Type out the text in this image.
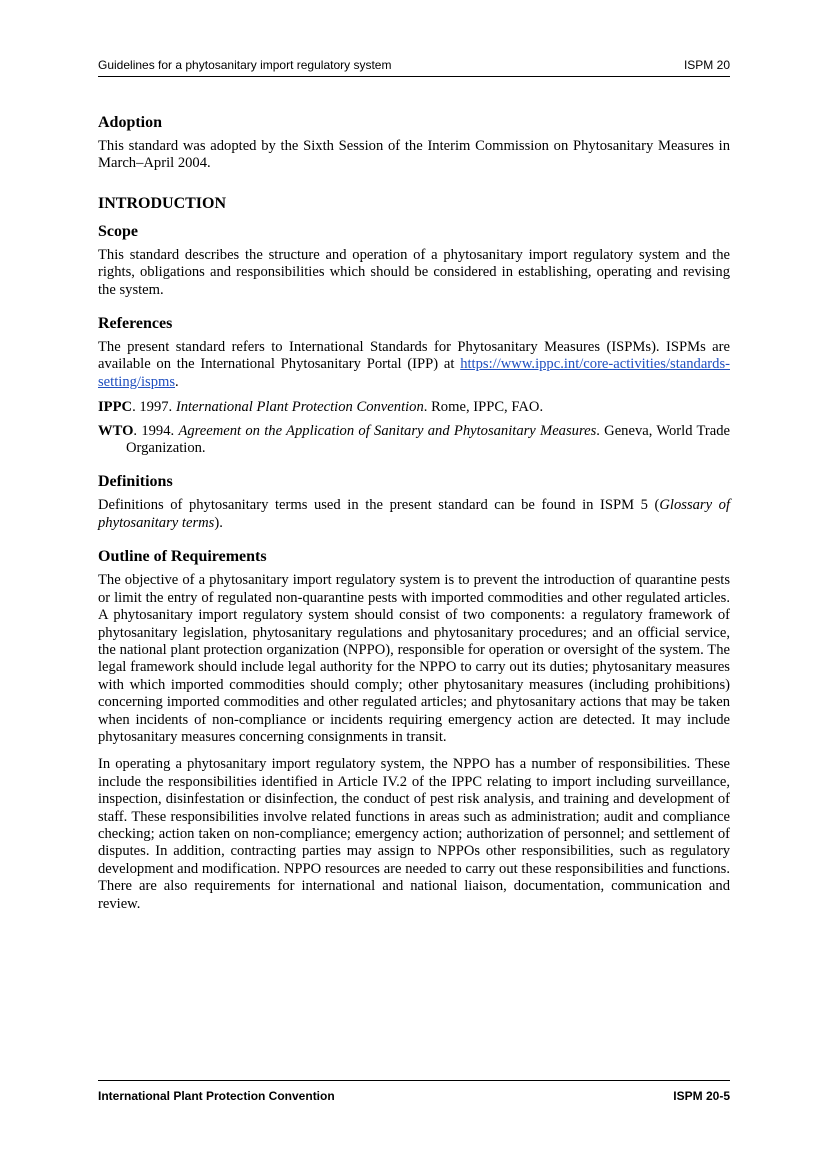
Guidelines for a phytosanitary import regulatory system	ISPM 20
Adoption

This standard was adopted by the Sixth Session of the Interim Commission on Phytosanitary Measures in March–April 2004.

INTRODUCTION
Scope

This standard describes the structure and operation of a phytosanitary import regulatory system and the rights, obligations and responsibilities which should be considered in establishing, operating and revising the system.

References

The present standard refers to International Standards for Phytosanitary Measures (ISPMs). ISPMs are available on the International Phytosanitary Portal (IPP) at https://www.ippc.int/core-activities/standards-setting/ispms.

IPPC. 1997. International Plant Protection Convention. Rome, IPPC, FAO.

WTO. 1994. Agreement on the Application of Sanitary and Phytosanitary Measures. Geneva, World Trade Organization.

Definitions

Definitions of phytosanitary terms used in the present standard can be found in ISPM 5 (Glossary of phytosanitary terms).

Outline of Requirements

The objective of a phytosanitary import regulatory system is to prevent the introduction of quarantine pests or limit the entry of regulated non-quarantine pests with imported commodities and other regulated articles. A phytosanitary import regulatory system should consist of two components: a regulatory framework of phytosanitary legislation, phytosanitary regulations and phytosanitary procedures; and an official service, the national plant protection organization (NPPO), responsible for operation or oversight of the system. The legal framework should include legal authority for the NPPO to carry out its duties; phytosanitary measures with which imported commodities should comply; other phytosanitary measures (including prohibitions) concerning imported commodities and other regulated articles; and phytosanitary actions that may be taken when incidents of non-compliance or incidents requiring emergency action are detected. It may include phytosanitary measures concerning consignments in transit.

In operating a phytosanitary import regulatory system, the NPPO has a number of responsibilities. These include the responsibilities identified in Article IV.2 of the IPPC relating to import including surveillance, inspection, disinfestation or disinfection, the conduct of pest risk analysis, and training and development of staff. These responsibilities involve related functions in areas such as administration; audit and compliance checking; action taken on non-compliance; emergency action; authorization of personnel; and settlement of disputes. In addition, contracting parties may assign to NPPOs other responsibilities, such as regulatory development and modification. NPPO resources are needed to carry out these responsibilities and functions. There are also requirements for international and national liaison, documentation, communication and review.

International Plant Protection Convention	ISPM 20-5
